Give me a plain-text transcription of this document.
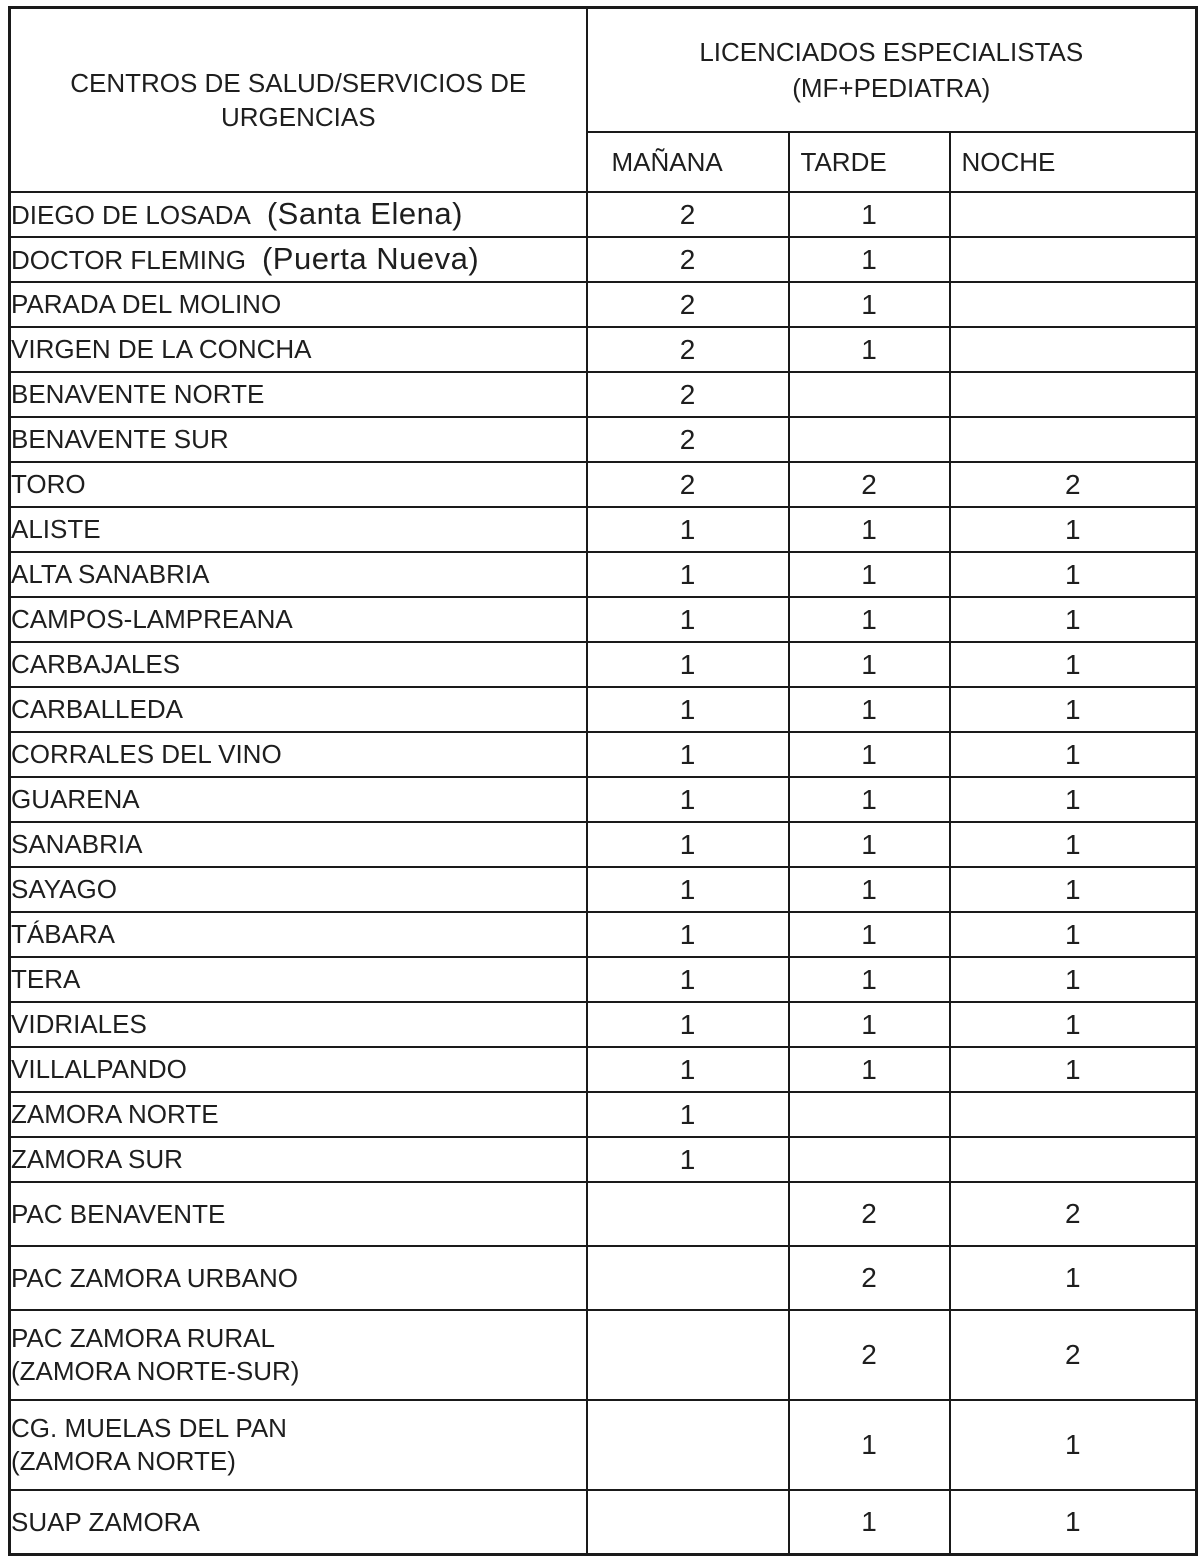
CENTROS DE SALUD/SERVICIOS DE URGENCIAS	LICENCIADOS ESPECIALISTAS
(MF+PEDIATRA)		

	MAÑANA	TARDE	NOCHE

DIEGO DE LOSADA (Santa Elena)	2	1	

DOCTOR FLEMING (Puerta Nueva)	2	1	

PARADA DEL MOLINO	2	1	

VIRGEN DE LA CONCHA	2	1	

BENAVENTE NORTE	2		

BENAVENTE SUR	2		

TORO	2	2	2

ALISTE	1	1	1

ALTA SANABRIA	1	1	1

CAMPOS-LAMPREANA	1	1	1

CARBAJALES	1	1	1

CARBALLEDA	1	1	1

CORRALES DEL VINO	1	1	1

GUARENA	1	1	1

SANABRIA	1	1	1

SAYAGO	1	1	1

TÁBARA	1	1	1

TERA	1	1	1

VIDRIALES	1	1	1

VILLALPANDO	1	1	1

ZAMORA NORTE	1		

ZAMORA SUR	1		

PAC BENAVENTE		2	2

PAC ZAMORA URBANO		2	1

PAC ZAMORA RURAL
(ZAMORA NORTE-SUR)		2	2

CG. MUELAS DEL PAN
(ZAMORA NORTE)		1	1

SUAP ZAMORA		1	1
